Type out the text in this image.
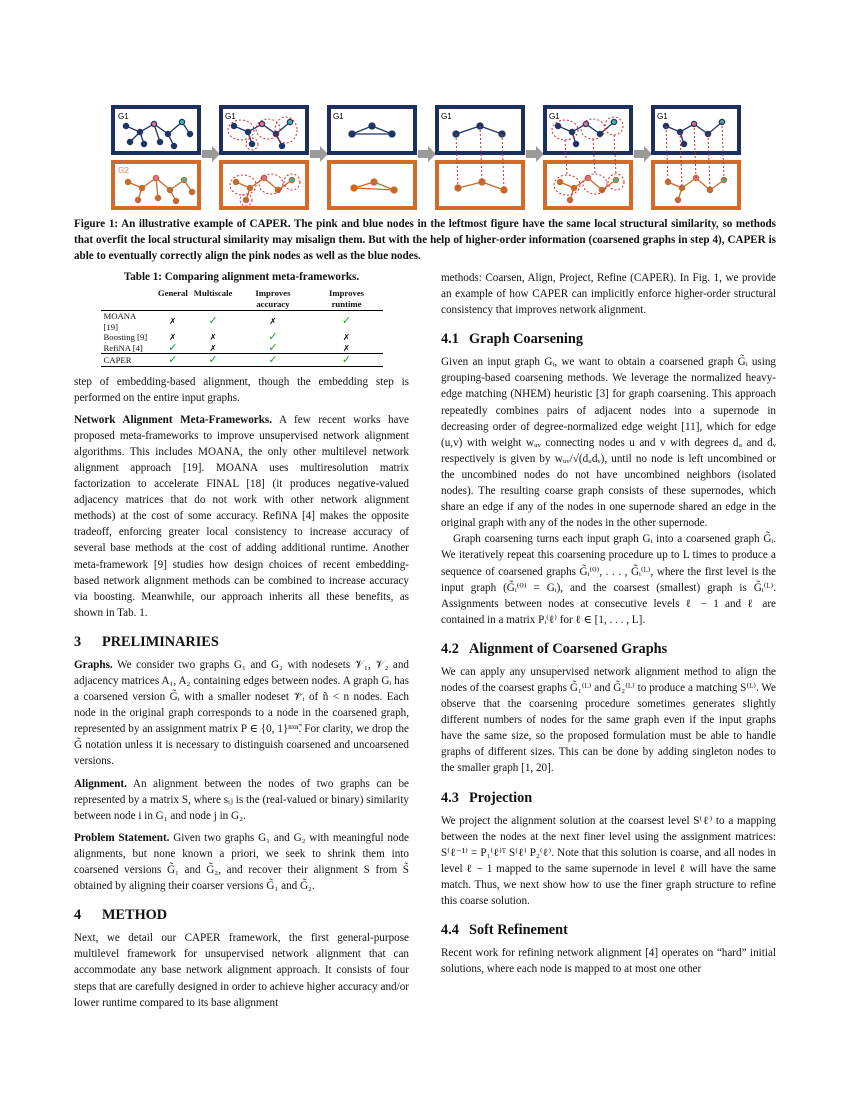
G1
G2
G1	G1	G1	G1	G1
Figure 1: An illustrative example of CAPER. The pink and blue nodes in the leftmost figure have the same local structural similarity, so methods that overfit the local structural similarity may misalign them. But with the help of higher-order information (coarsened graphs in step 4), CAPER is able to eventually correctly align the pink nodes as well as the blue nodes.
Table 1: Comparing alignment meta-frameworks.
	General	Multiscale	Improves accuracy	Improves runtime
MOANA [19]	✗	✓	✗	✓
Boosting [9]	✗	✗	✓	✗
RefiNA [4]	✓	✗	✓	✗
CAPER	✓	✓	✓	✓

step of embedding-based alignment, though the embedding step is performed on the entire input graphs.

Network Alignment Meta-Frameworks. A few recent works have proposed meta-frameworks to improve unsupervised network alignment algorithms. This includes MOANA, the only other multilevel network alignment approach [19]. MOANA uses multiresolution matrix factorization to accelerate FINAL [18] (it produces negative-valued adjacency matrices that do not work with other network alignment methods) at the cost of some accuracy. RefiNA [4] makes the opposite tradeoff, enforcing greater local consistency to increase accuracy of several base methods at the cost of adding additional runtime. Another meta-framework [9] studies how design choices of recent embedding-based network alignment methods can be combined to increase accuracy via boosting. Meanwhile, our approach inherits all these benefits, as shown in Tab. 1.

3 PRELIMINARIES

Graphs. We consider two graphs G₁ and G₂ with nodesets 𝒱₁, 𝒱₂ and adjacency matrices A₁, A₂ containing edges between nodes. A graph Gᵢ has a coarsened version G̃ᵢ with a smaller nodeset 𝒱̃ᵢ of ñ < n nodes. Each node in the original graph corresponds to a node in the coarsened graph, represented by an assignment matrix P ∈ {0, 1}ⁿˣⁿ̃. For clarity, we drop the G̃ notation unless it is necessary to distinguish coarsened and uncoarsened versions.

Alignment. An alignment between the nodes of two graphs can be represented by a matrix S, where sᵢⱼ is the (real-valued or binary) similarity between node i in G₁ and node j in G₂.

Problem Statement. Given two graphs G₁ and G₂ with meaningful node alignments, but none known a priori, we seek to shrink them into coarsened versions G̃₁ and G̃₂, and recover their alignment S from S̃ obtained by aligning their coarser versions G̃₁ and G̃₂.

4 METHOD

Next, we detail our CAPER framework, the first general-purpose multilevel framework for unsupervised network alignment that can accommodate any base network alignment approach. It consists of four steps that are carefully designed in order to achieve higher accuracy and/or lower runtime compared to its base alignment

methods: Coarsen, Align, Project, Refine (CAPER). In Fig. 1, we provide an example of how CAPER can implicitly enforce higher-order structural consistency that improves network alignment.

4.1 Graph Coarsening

Given an input graph Gᵢ, we want to obtain a coarsened graph G̃ᵢ using grouping-based coarsening methods. We leverage the normalized heavy-edge matching (NHEM) heuristic [3] for graph coarsening. This approach repeatedly combines pairs of adjacent nodes into a supernode in decreasing order of degree-normalized edge weight [11], which for edge (u,v) with weight wᵤᵥ connecting nodes u and v with degrees dᵤ and dᵥ respectively is given by wᵤᵥ/√(dᵤdᵥ), until no node is left uncombined or the uncombined nodes do not have uncombined neighbors (isolated nodes). The resulting coarse graph consists of these supernodes, which share an edge if any of the nodes in one supernode shared an edge in the original graph with any of the nodes in the other supernode.

Graph coarsening turns each input graph Gᵢ into a coarsened graph G̃ᵢ. We iteratively repeat this coarsening procedure up to L times to produce a sequence of coarsened graphs G̃ᵢ⁽⁰⁾, . . . , G̃ᵢ⁽ᴸ⁾, where the first level is the input graph (G̃ᵢ⁽⁰⁾ = Gᵢ), and the coarsest (smallest) graph is G̃ᵢ⁽ᴸ⁾. Assignments between nodes at consecutive levels ℓ − 1 and ℓ are contained in a matrix Pᵢ⁽ℓ⁾ for ℓ ∈ [1, . . . , L].

4.2 Alignment of Coarsened Graphs

We can apply any unsupervised network alignment method to align the nodes of the coarsest graphs G̃₁⁽ᴸ⁾ and G̃₂⁽ᴸ⁾ to produce a matching S⁽ᴸ⁾. We observe that the coarsening procedure sometimes generates slightly different numbers of nodes for the same graph even if the input graphs have the same size, so the proposed formulation must be able to handle graphs of different sizes. This can be done by adding singleton nodes to the smaller graph [1, 20].

4.3 Projection

We project the alignment solution at the coarsest level S⁽ℓ⁾ to a mapping between the nodes at the next finer level using the assignment matrices: S⁽ℓ⁻¹⁾ = P₁⁽ℓ⁾ᵀ S⁽ℓ⁾ P₂⁽ℓ⁾. Note that this solution is coarse, and all nodes in level ℓ − 1 mapped to the same supernode in level ℓ will have the same match. Thus, we next show how to use the finer graph structure to refine this coarse solution.

4.4 Soft Refinement

Recent work for refining network alignment [4] operates on “hard” initial solutions, where each node is mapped to at most one other
